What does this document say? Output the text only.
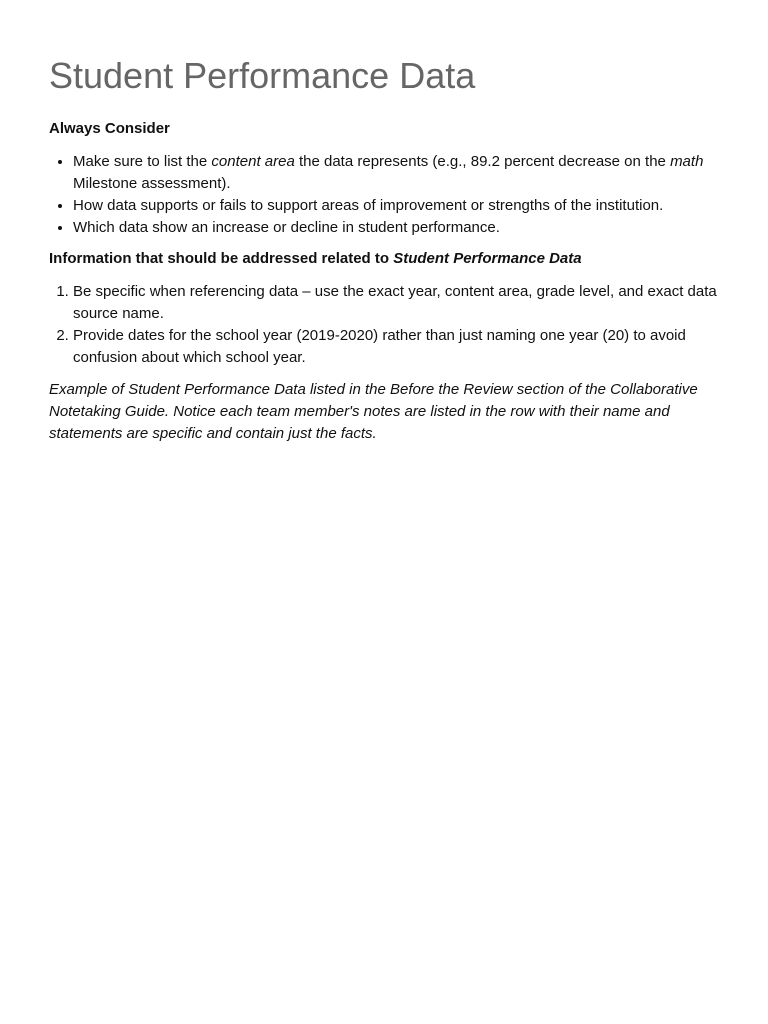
Student Performance Data
Always Consider
• Make sure to list the content area the data represents (e.g., 89.2 percent decrease on the math Milestone assessment).
• How data supports or fails to support areas of improvement or strengths of the institution.
• Which data show an increase or decline in student performance.
Information that should be addressed related to Student Performance Data
1. Be specific when referencing data – use the exact year, content area, grade level, and exact data source name.
2. Provide dates for the school year (2019-2020) rather than just naming one year (20) to avoid confusion about which school year.

Example of Student Performance Data listed in the Before the Review section of the Collaborative Notetaking Guide. Notice each team member's notes are listed in the row with their name and statements are specific and contain just the facts.
